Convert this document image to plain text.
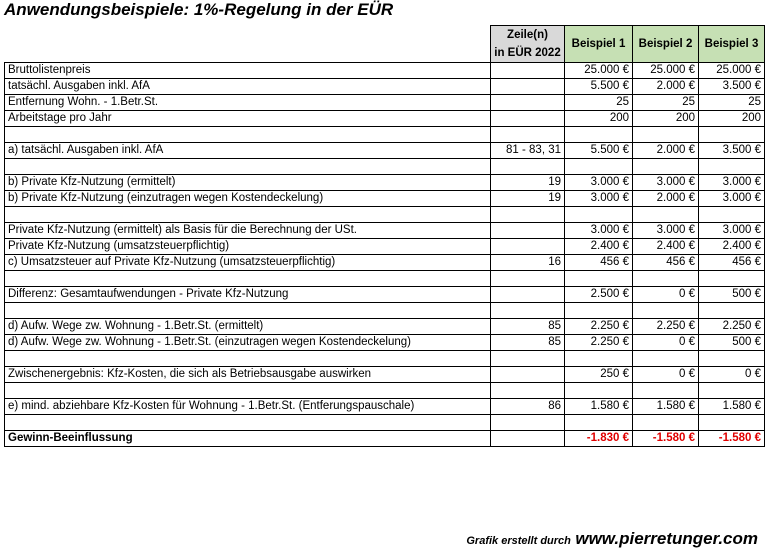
Anwendungsbeispiele: 1%-Regelung in der EÜR

	Zeile(n)
in EÜR 2022	Beispiel 1	Beispiel 2	Beispiel 3
Bruttolistenpreis		25.000 €	25.000 €	25.000 €
tatsächl. Ausgaben inkl. AfA		5.500 €	2.000 €	3.500 €
Entfernung Wohn. - 1.Betr.St.		25	25	25
Arbeitstage pro Jahr		200	200	200

a) tatsächl. Ausgaben inkl. AfA	81 - 83, 31	5.500 €	2.000 €	3.500 €

b) Private Kfz-Nutzung (ermittelt)	19	3.000 €	3.000 €	3.000 €
b) Private Kfz-Nutzung (einzutragen wegen Kostendeckelung)	19	3.000 €	2.000 €	3.000 €

Private Kfz-Nutzung (ermittelt) als Basis für die Berechnung der USt.		3.000 €	3.000 €	3.000 €
Private Kfz-Nutzung (umsatzsteuerpflichtig)		2.400 €	2.400 €	2.400 €
c) Umsatzsteuer auf Private Kfz-Nutzung (umsatzsteuerpflichtig)	16	456 €	456 €	456 €

Differenz: Gesamtaufwendungen - Private Kfz-Nutzung		2.500 €	0 €	500 €

d) Aufw. Wege zw. Wohnung - 1.Betr.St. (ermittelt)	85	2.250 €	2.250 €	2.250 €
d) Aufw. Wege zw. Wohnung - 1.Betr.St. (einzutragen wegen Kostendeckelung)	85	2.250 €	0 €	500 €

Zwischenergebnis: Kfz-Kosten, die sich als Betriebsausgabe auswirken		250 €	0 €	0 €

e) mind. abziehbare Kfz-Kosten für Wohnung - 1.Betr.St. (Entferungspauschale)	86	1.580 €	1.580 €	1.580 €

Gewinn-Beeinflussung		-1.830 €	-1.580 €	-1.580 €
Grafik erstellt durch www.pierretunger.com
